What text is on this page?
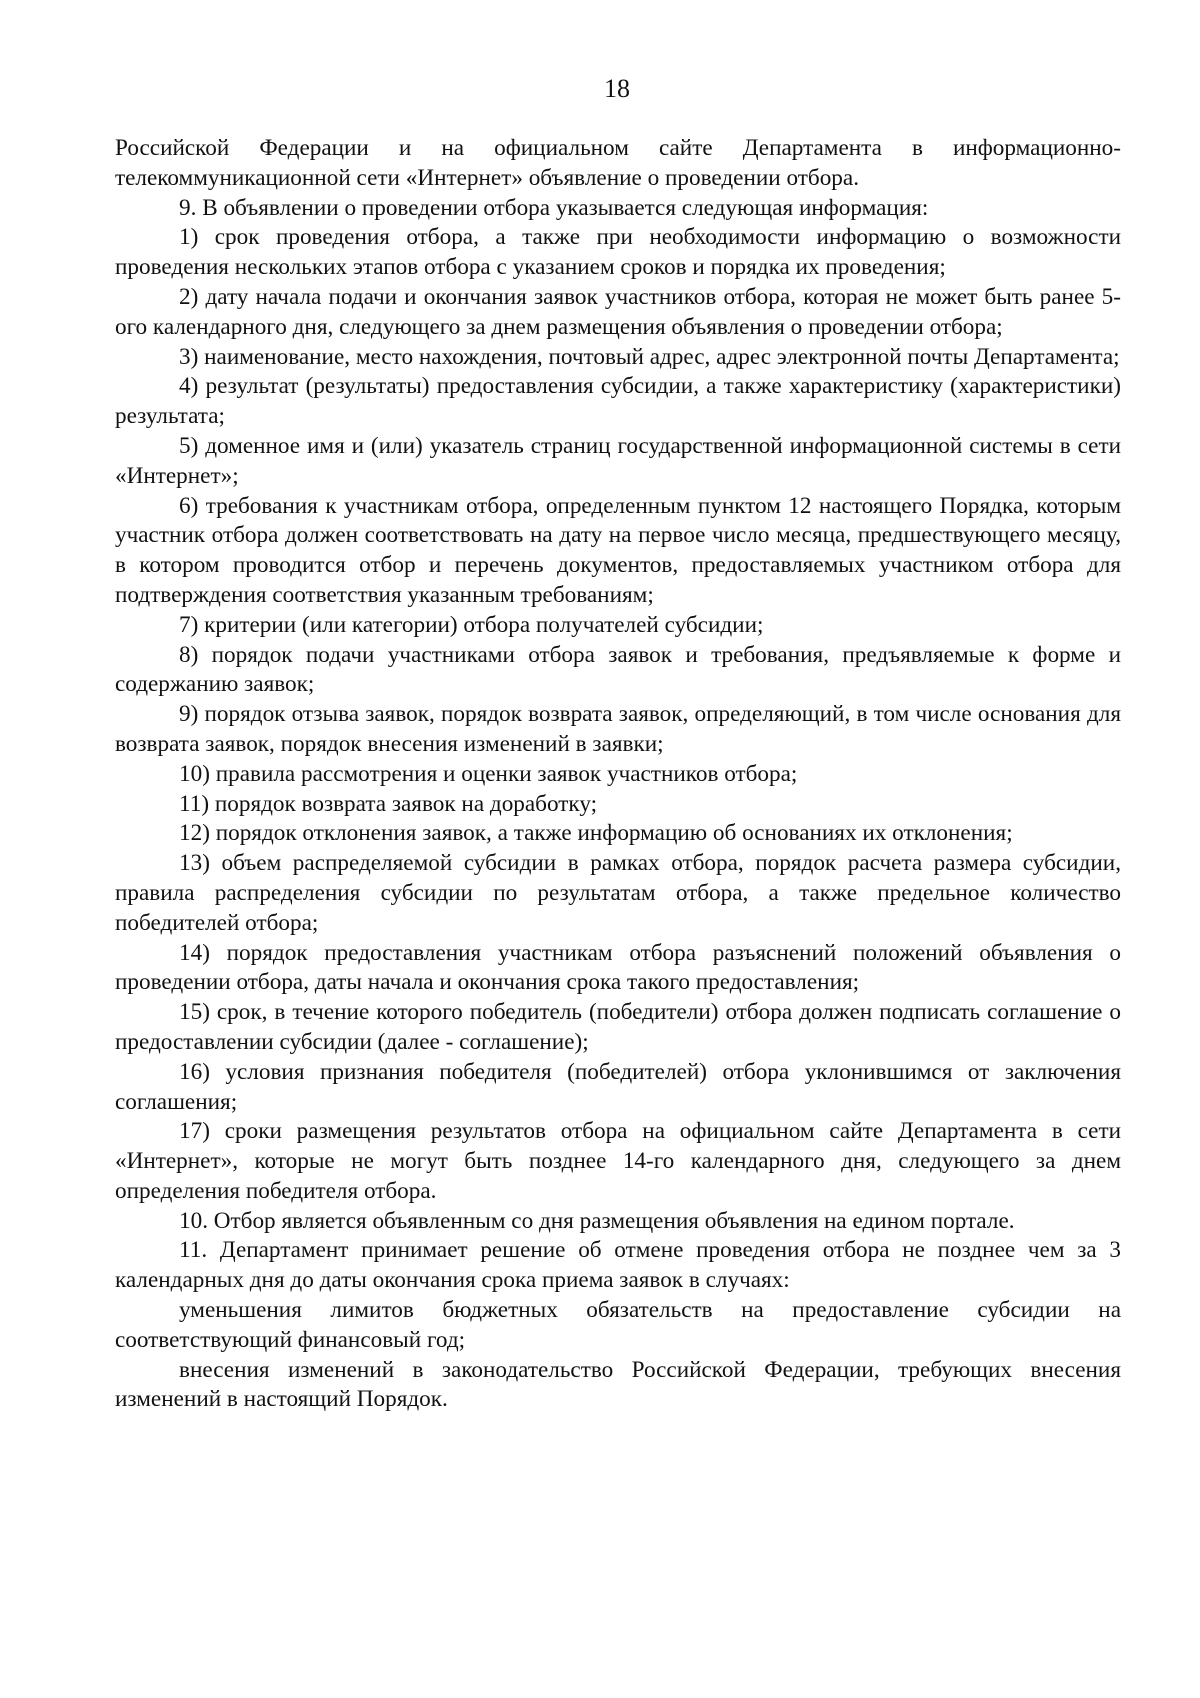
18

Российской Федерации и на официальном сайте Департамента в информационно-телекоммуникационной сети «Интернет» объявление о проведении отбора.

9. В объявлении о проведении отбора указывается следующая информация:

1) срок проведения отбора, а также при необходимости информацию о возможности проведения нескольких этапов отбора с указанием сроков и порядка их проведения;

2) дату начала подачи и окончания заявок участников отбора, которая не может быть ранее 5-ого календарного дня, следующего за днем размещения объявления о проведении отбора;

3) наименование, место нахождения, почтовый адрес, адрес электронной почты Департамента;

4) результат (результаты) предоставления субсидии, а также характеристику (характеристики) результата;

5) доменное имя и (или) указатель страниц государственной информационной системы в сети «Интернет»;

6) требования к участникам отбора, определенным пунктом 12 настоящего Порядка, которым участник отбора должен соответствовать на дату на первое число месяца, предшествующего месяцу, в котором проводится отбор и перечень документов, предоставляемых участником отбора для подтверждения соответствия указанным требованиям;

7) критерии (или категории) отбора получателей субсидии;

8) порядок подачи участниками отбора заявок и требования, предъявляемые к форме и содержанию заявок;

9) порядок отзыва заявок, порядок возврата заявок, определяющий, в том числе основания для возврата заявок, порядок внесения изменений в заявки;

10) правила рассмотрения и оценки заявок участников отбора;

11) порядок возврата заявок на доработку;

12) порядок отклонения заявок, а также информацию об основаниях их отклонения;

13) объем распределяемой субсидии в рамках отбора, порядок расчета размера субсидии, правила распределения субсидии по результатам отбора, а также предельное количество победителей отбора;

14) порядок предоставления участникам отбора разъяснений положений объявления о проведении отбора, даты начала и окончания срока такого предоставления;

15) срок, в течение которого победитель (победители) отбора должен подписать соглашение о предоставлении субсидии (далее - соглашение);

16) условия признания победителя (победителей) отбора уклонившимся от заключения соглашения;

17) сроки размещения результатов отбора на официальном сайте Департамента в сети «Интернет», которые не могут быть позднее 14-го календарного дня, следующего за днем определения победителя отбора.

10. Отбор является объявленным со дня размещения объявления на едином портале.

11. Департамент принимает решение об отмене проведения отбора не позднее чем за 3 календарных дня до даты окончания срока приема заявок в случаях:

уменьшения лимитов бюджетных обязательств на предоставление субсидии на соответствующий финансовый год;

внесения изменений в законодательство Российской Федерации, требующих внесения изменений в настоящий Порядок.
